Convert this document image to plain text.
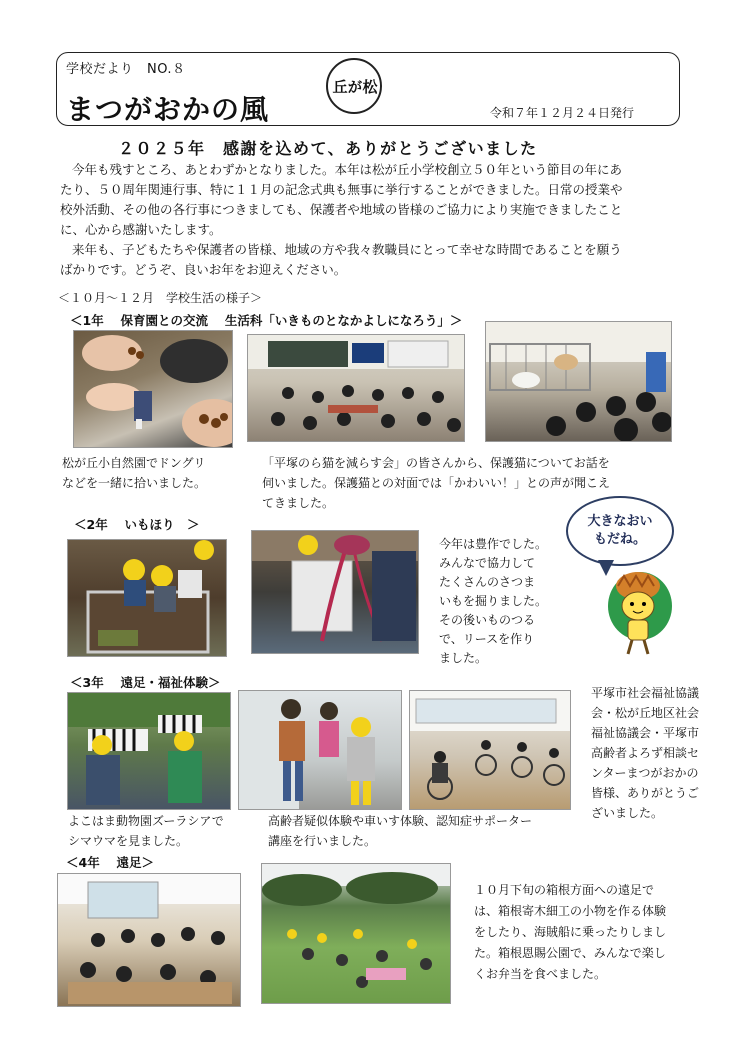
学校だより　NO.８
まつがおかの風
松
が
丘
令和７年１２月２４日発行
２０２５年　感謝を込めて、ありがとうございました
今年も残すところ、あとわずかとなりました。本年は松が丘小学校創立５０年という節目の年にあ
たり、５０周年関連行事、特に１１月の記念式典も無事に挙行することができました。日常の授業や
校外活動、その他の各行事につきましても、保護者や地域の皆様のご協力により実施できましたこと
に、心から感謝いたします。
来年も、子どもたちや保護者の皆様、地域の方や我々教職員にとって幸せな時間であることを願う
ばかりです。どうぞ、良いお年をお迎えください。
＜１０月～１２月　学校生活の様子＞
＜1年　 保育園との交流　 生活科「いきものとなかよしになろう」＞
松が丘小自然園でドングリ
などを一緒に拾いました。
「平塚のら猫を減らす会」の皆さんから、保護猫についてお話を
伺いました。保護猫との対面では「かわいい！」との声が聞こえ
てきました。
＜2年　 いもほり　＞
今年は豊作でした。
みんなで協力して
たくさんのさつま
いもを掘りました。
その後いものつる
で、リースを作り
ました。
大きなおい
もだね。
＜3年　 遠足・福祉体験＞
平塚市社会福祉協議
会・松が丘地区社会
福祉協議会・平塚市
高齢者よろず相談セ
ンターまつがおかの
皆様、ありがとうご
ざいました。
よこはま動物園ズーラシアで
シマウマを見ました。
高齢者疑似体験や車いす体験、認知症サポーター
講座を行いました。
＜4年　 遠足＞
１０月下旬の箱根方面への遠足で
は、箱根寄木細工の小物を作る体験
をしたり、海賊船に乗ったりしまし
た。箱根恩賜公園で、みんなで楽し
くお弁当を食べました。
